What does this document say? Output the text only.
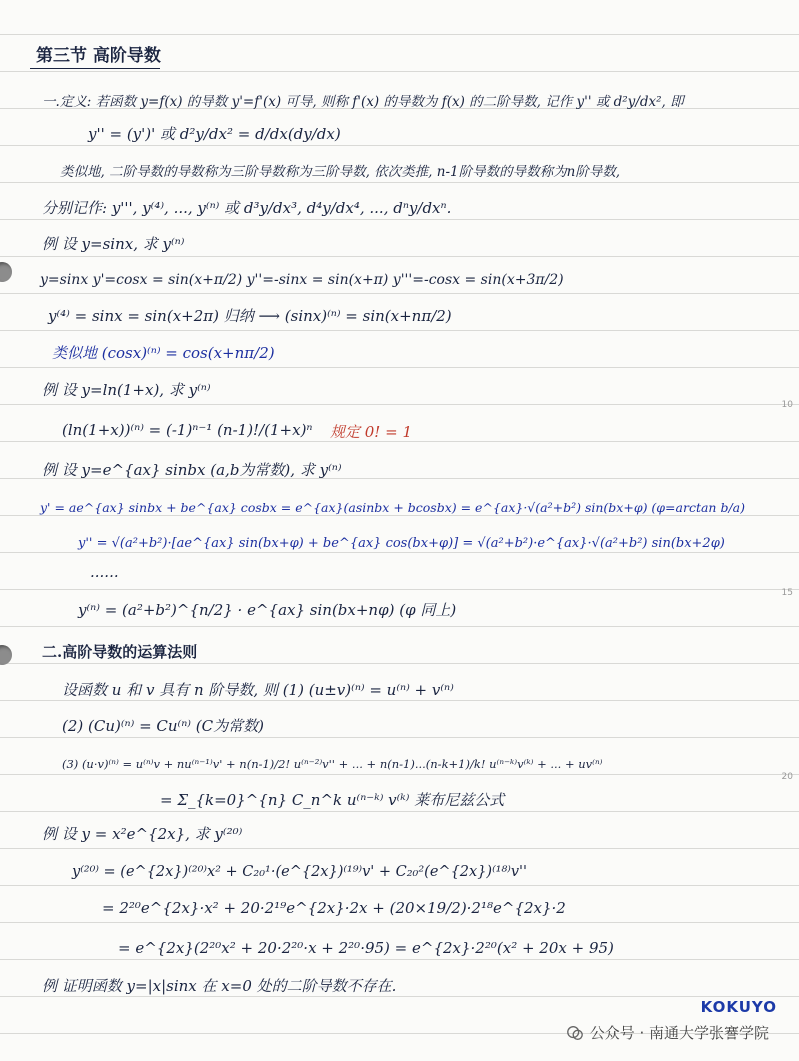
10
15
20
第三节 高阶导数
一.定义: 若函数 y=f(x) 的导数 y'=f'(x) 可导, 则称 f'(x) 的导数为 f(x) 的二阶导数, 记作 y'' 或 d²y/dx², 即
y'' = (y')' 或 d²y/dx² = d/dx(dy/dx)
类似地, 二阶导数的导数称为三阶导数称为三阶导数, 依次类推, n-1阶导数的导数称为n阶导数,
分别记作: y''', y⁽⁴⁾, ..., y⁽ⁿ⁾ 或 d³y/dx³, d⁴y/dx⁴, ..., dⁿy/dxⁿ.
例 设 y=sinx, 求 y⁽ⁿ⁾
y=sinx y'=cosx = sin(x+π/2) y''=-sinx = sin(x+π) y'''=-cosx = sin(x+3π/2)
y⁽⁴⁾ = sinx = sin(x+2π) 归纳 ⟶ (sinx)⁽ⁿ⁾ = sin(x+nπ/2)
类似地 (cosx)⁽ⁿ⁾ = cos(x+nπ/2)
例 设 y=ln(1+x), 求 y⁽ⁿ⁾
(ln(1+x))⁽ⁿ⁾ = (-1)ⁿ⁻¹ (n-1)!/(1+x)ⁿ 规定 0! = 1
例 设 y=e^{ax} sinbx (a,b为常数), 求 y⁽ⁿ⁾
y' = ae^{ax} sinbx + be^{ax} cosbx = e^{ax}(asinbx + bcosbx) = e^{ax}·√(a²+b²) sin(bx+φ) (φ=arctan b/a)
y'' = √(a²+b²)·[ae^{ax} sin(bx+φ) + be^{ax} cos(bx+φ)] = √(a²+b²)·e^{ax}·√(a²+b²) sin(bx+2φ)
......
y⁽ⁿ⁾ = (a²+b²)^{n/2} · e^{ax} sin(bx+nφ) (φ 同上)
二.高阶导数的运算法则
设函数 u 和 v 具有 n 阶导数, 则 (1) (u±v)⁽ⁿ⁾ = u⁽ⁿ⁾ + v⁽ⁿ⁾
(2) (Cu)⁽ⁿ⁾ = Cu⁽ⁿ⁾ (C为常数)
(3) (u·v)⁽ⁿ⁾ = u⁽ⁿ⁾v + nu⁽ⁿ⁻¹⁾v' + n(n-1)/2! u⁽ⁿ⁻²⁾v'' + ... + n(n-1)...(n-k+1)/k! u⁽ⁿ⁻ᵏ⁾v⁽ᵏ⁾ + ... + uv⁽ⁿ⁾
= Σ_{k=0}^{n} C_n^k u⁽ⁿ⁻ᵏ⁾ v⁽ᵏ⁾ 莱布尼兹公式
例 设 y = x²e^{2x}, 求 y⁽²⁰⁾
y⁽²⁰⁾ = (e^{2x})⁽²⁰⁾x² + C₂₀¹·(e^{2x})⁽¹⁹⁾v' + C₂₀²(e^{2x})⁽¹⁸⁾v''
= 2²⁰e^{2x}·x² + 20·2¹⁹e^{2x}·2x + (20×19/2)·2¹⁸e^{2x}·2
= e^{2x}(2²⁰x² + 20·2²⁰·x + 2²⁰·95) = e^{2x}·2²⁰(x² + 20x + 95)
例 证明函数 y=|x|sinx 在 x=0 处的二阶导数不存在.
KOKUYO
公众号 · 南通大学张謇学院
